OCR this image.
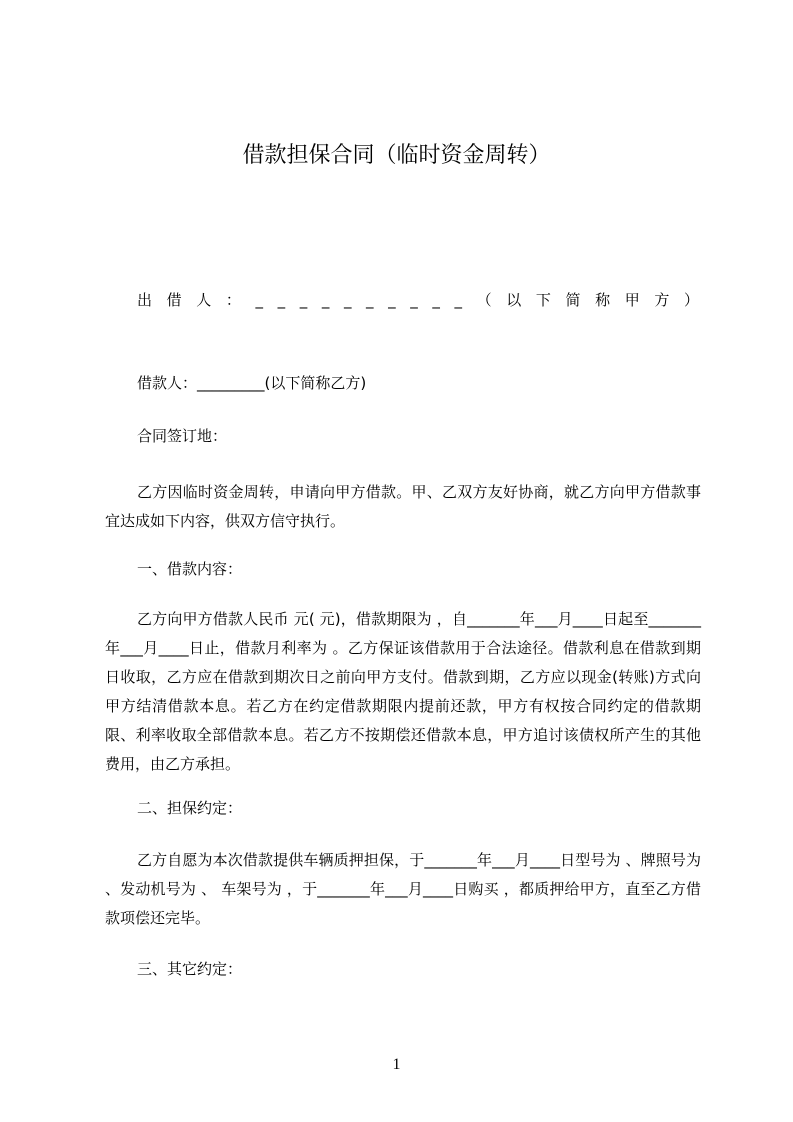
借款担保合同（临时资金周转）
出 借 人 ： _ _ _ _ _ _ _ _ _ _ （ 以 下 简 称 甲 方 ）
借款人：_________(以下简称乙方)
合同签订地：
乙方因临时资金周转，申请向甲方借款。甲、乙双方友好协商，就乙方向甲方借款事宜达成如下内容，供双方信守执行。
一、借款内容：
乙方向甲方借款人民币 元( 元)，借款期限为 ，自_______年___月____日起至_______年___月____日止，借款月利率为 。乙方保证该借款用于合法途径。借款利息在借款到期日收取，乙方应在借款到期次日之前向甲方支付。借款到期，乙方应以现金(转账)方式向甲方结清借款本息。若乙方在约定借款期限内提前还款，甲方有权按合同约定的借款期限、利率收取全部借款本息。若乙方不按期偿还借款本息，甲方追讨该债权所产生的其他费用，由乙方承担。
二、担保约定：
乙方自愿为本次借款提供车辆质押担保，于_______年___月____日型号为 、牌照号为 、发动机号为 、 车架号为 ，于_______年___月____日购买 ，都质押给甲方，直至乙方借款项偿还完毕。
三、其它约定：
1
